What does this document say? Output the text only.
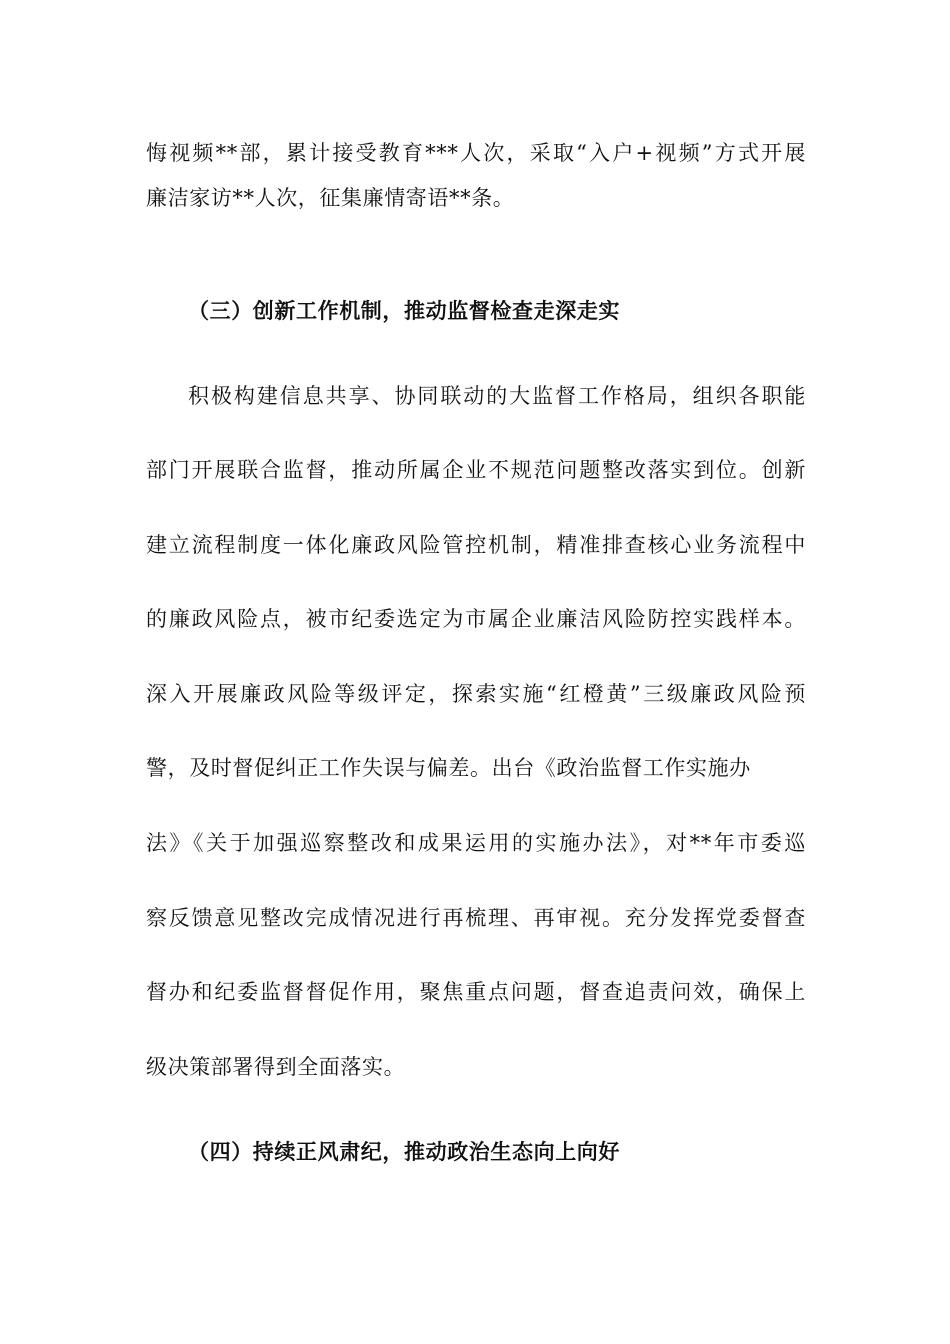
悔视频**部，累计接受教育***人次，采取“入户+视频”方式开展
廉洁家访**人次，征集廉情寄语**条。
（三）创新工作机制，推动监督检查走深走实
积极构建信息共享、协同联动的大监督工作格局，组织各职能
部门开展联合监督，推动所属企业不规范问题整改落实到位。创新
建立流程制度一体化廉政风险管控机制，精准排查核心业务流程中
的廉政风险点，被市纪委选定为市属企业廉洁风险防控实践样本。
深入开展廉政风险等级评定，探索实施“红橙黄”三级廉政风险预
警，及时督促纠正工作失误与偏差。出台《政治监督工作实施办
法》《关于加强巡察整改和成果运用的实施办法》，对**年市委巡
察反馈意见整改完成情况进行再梳理、再审视。充分发挥党委督查
督办和纪委监督督促作用，聚焦重点问题，督查追责问效，确保上
级决策部署得到全面落实。
（四）持续正风肃纪，推动政治生态向上向好
